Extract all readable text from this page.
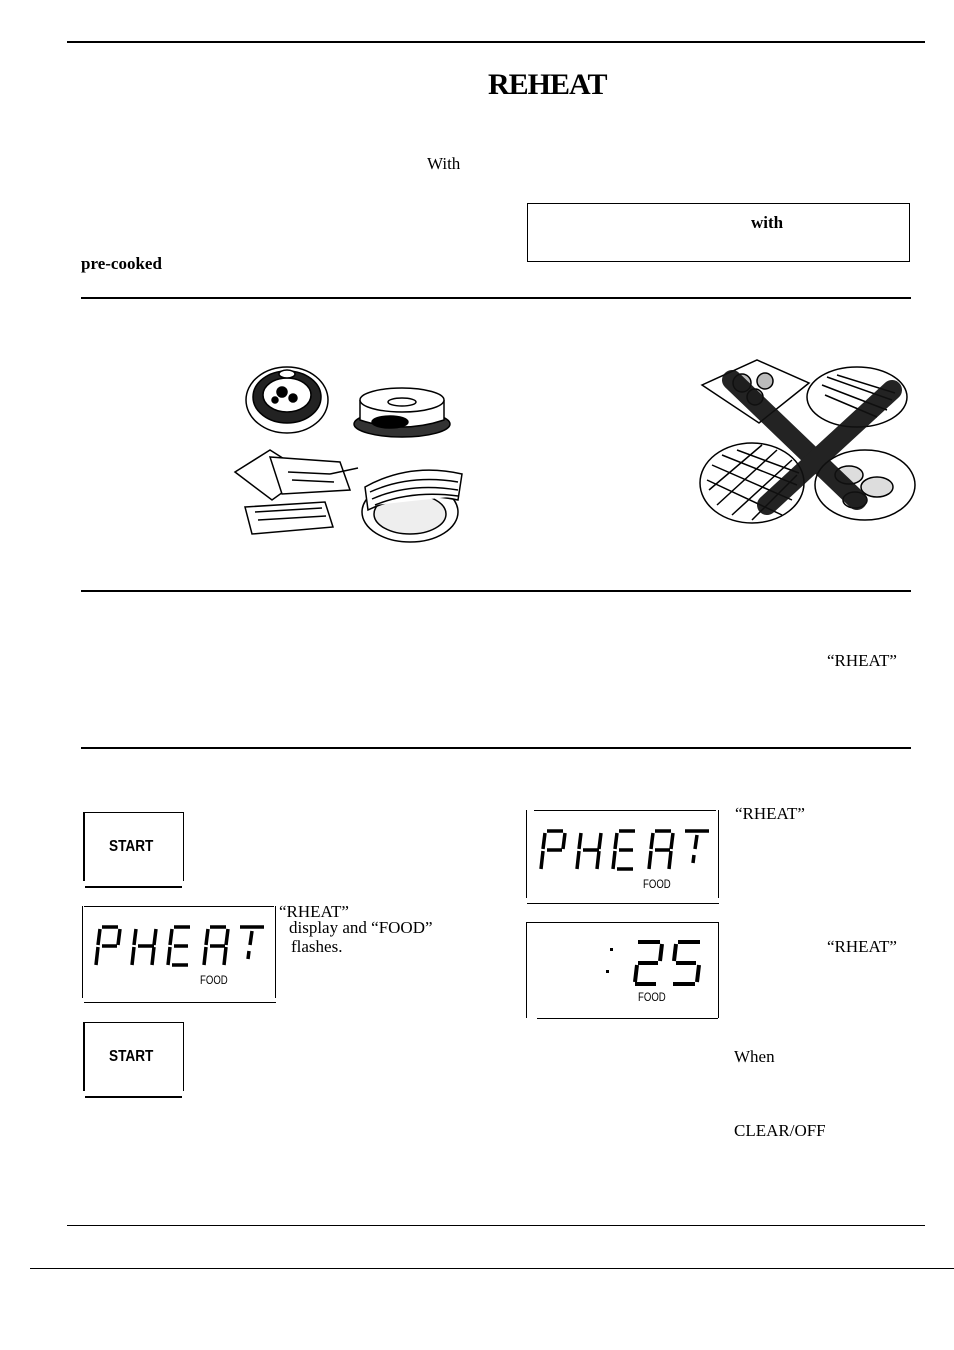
REHEAT
With
pre-cooked
with
“RHEAT”
START
FOOD
“RHEAT”
display and “FOOD”
flashes.
START
FOOD
“RHEAT”
FOOD
“RHEAT”
When
CLEAR/OFF
